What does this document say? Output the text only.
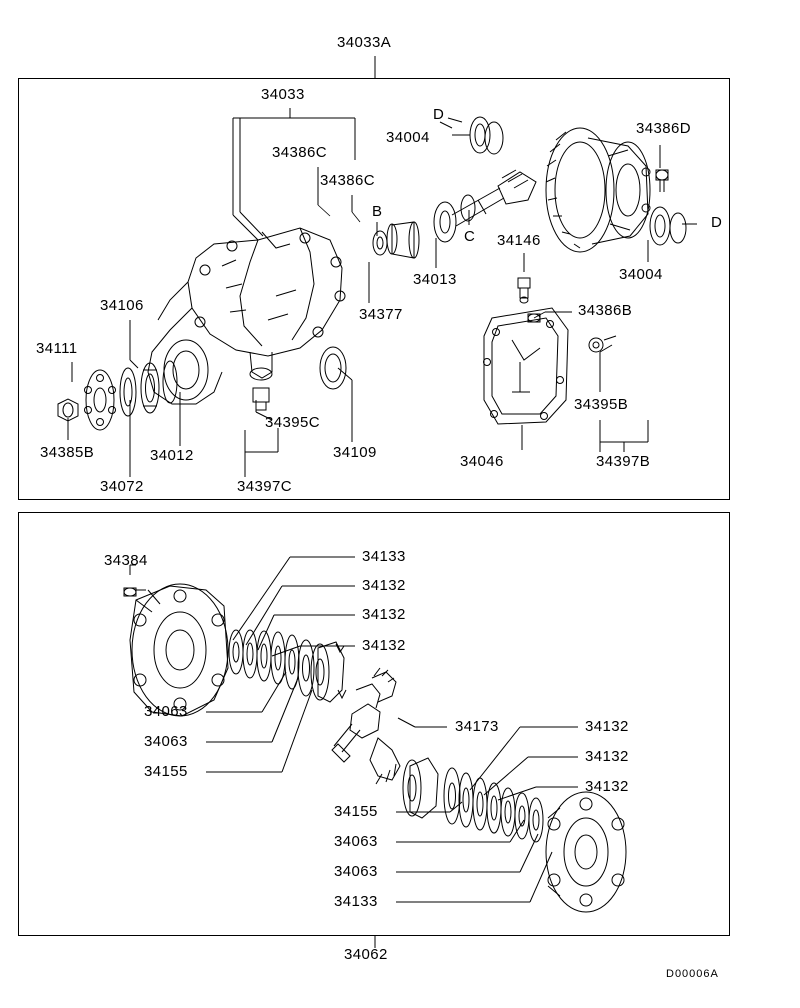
34033A
34033
34386C
34386C
D
34004
34386D
B
C
D
34146
34013	34004
34377	34386B
34106
34111
34395B
34385B	34012
34395C
34109
34072	34397C
34046	34397B
34384	34133
34132
34132
34132
34063
34063
34155
34173	34132
34132
34132
34155
34063
34063
34133
34062
D00006A
